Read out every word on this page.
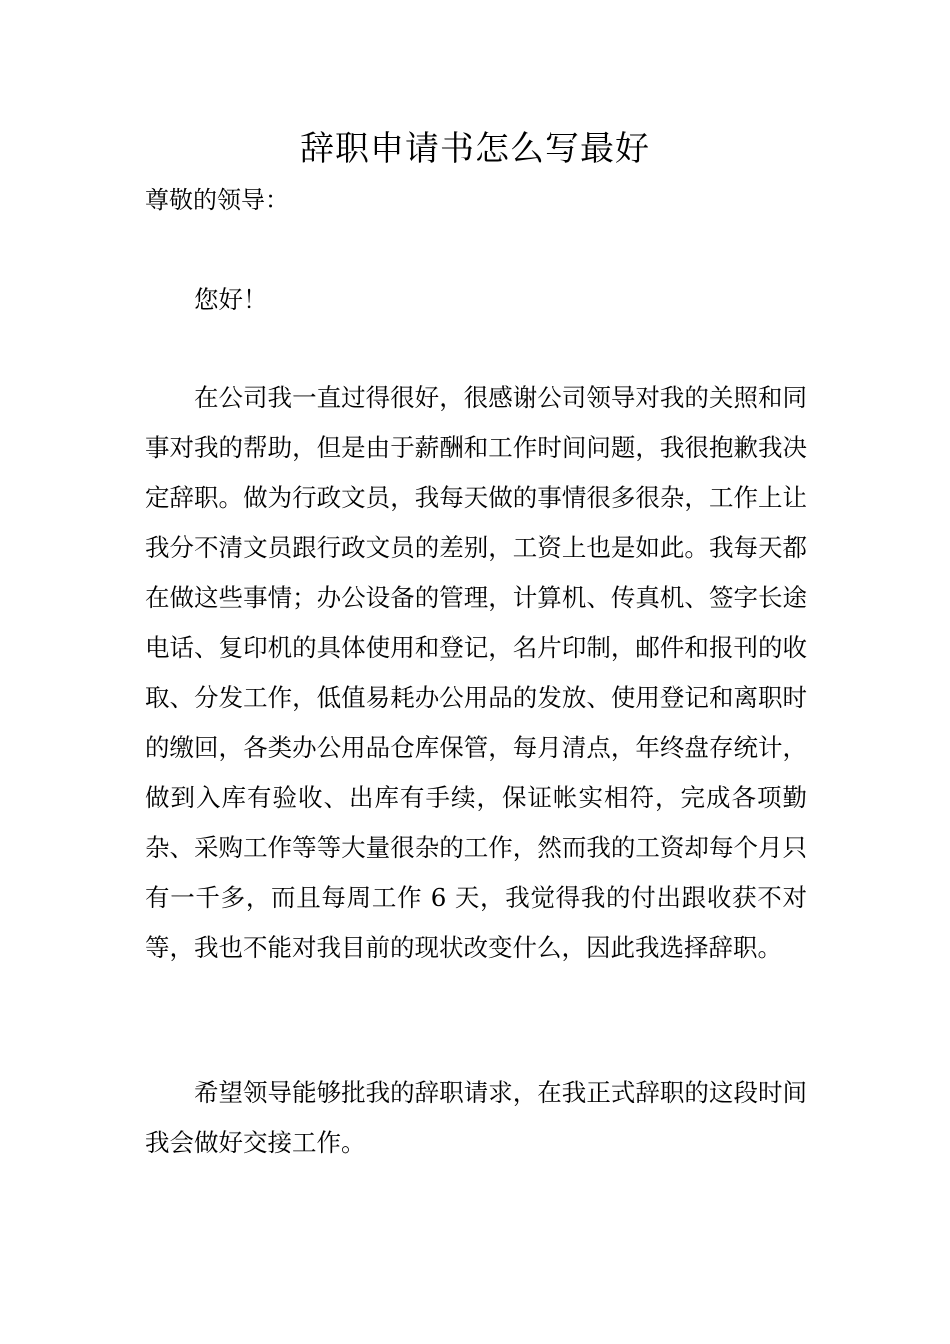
辞职申请书怎么写最好

尊敬的领导：

您好！

在公司我一直过得很好，很感谢公司领导对我的关照和同事对我的帮助，但是由于薪酬和工作时间问题，我很抱歉我决定辞职。做为行政文员，我每天做的事情很多很杂，工作上让我分不清文员跟行政文员的差别，工资上也是如此。我每天都在做这些事情；办公设备的管理，计算机、传真机、签字长途电话、复印机的具体使用和登记，名片印制，邮件和报刊的收取、分发工作，低值易耗办公用品的发放、使用登记和离职时的缴回，各类办公用品仓库保管，每月清点，年终盘存统计，做到入库有验收、出库有手续，保证帐实相符，完成各项勤杂、采购工作等等大量很杂的工作，然而我的工资却每个月只有一千多，而且每周工作 6 天，我觉得我的付出跟收获不对等，我也不能对我目前的现状改变什么，因此我选择辞职。

希望领导能够批我的辞职请求，在我正式辞职的这段时间我会做好交接工作。
